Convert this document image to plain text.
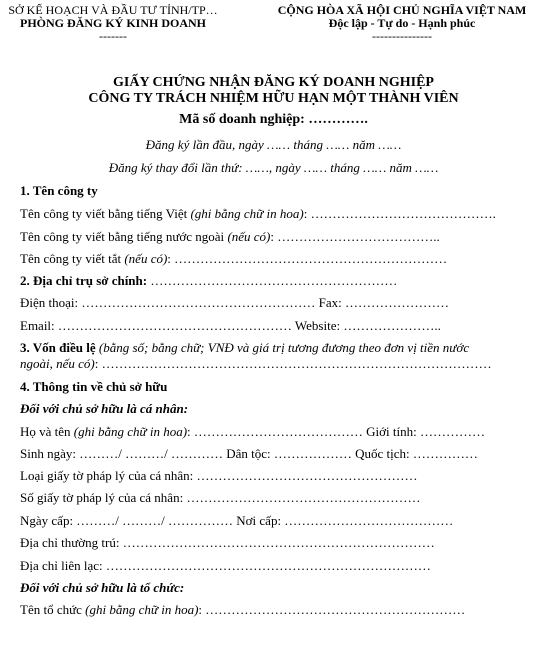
SỞ KẾ HOẠCH VÀ ĐẦU TƯ TỈNH/TP…
PHÒNG ĐĂNG KÝ KINH DOANH
-------
CỘNG HÒA XÃ HỘI CHỦ NGHĨA VIỆT NAM
Độc lập - Tự do - Hạnh phúc
---------------
GIẤY CHỨNG NHẬN ĐĂNG KÝ DOANH NGHIỆP
CÔNG TY TRÁCH NHIỆM HỮU HẠN MỘT THÀNH VIÊN
Mã số doanh nghiệp: ………….
Đăng ký lần đầu, ngày …… tháng …… năm ……
Đăng ký thay đổi lần thứ: ……, ngày …… tháng …… năm ……
1. Tên công ty
Tên công ty viết bằng tiếng Việt (ghi bằng chữ in hoa): …………………………………….
Tên công ty viết bằng tiếng nước ngoài (nếu có): ………………………………..
Tên công ty viết tắt (nếu có): ………………………………………………………
2. Địa chỉ trụ sở chính: …………………………………………………
Điện thoại: ……………………………………………… Fax: ……………………
Email: ……………………………………………… Website: …………………..
3. Vốn điều lệ (bằng số; bằng chữ; VNĐ và giá trị tương đương theo đơn vị tiền nước
ngoài, nếu có): ………………………………………………………………………………
4. Thông tin về chủ sở hữu
Đối với chủ sở hữu là cá nhân:
Họ và tên (ghi bằng chữ in hoa): ………………………………… Giới tính: ……………
Sinh ngày: ………/ ………/ ………… Dân tộc: ……………… Quốc tịch: ……………
Loại giấy tờ pháp lý của cá nhân: ……………………………………………
Số giấy tờ pháp lý của cá nhân: ………………………………………………
Ngày cấp: ………/ ………/ …………… Nơi cấp: …………………………………
Địa chỉ thường trú: ………………………………………………………………
Địa chỉ liên lạc: …………………………………………………………………
Đối với chủ sở hữu là tổ chức:
Tên tổ chức (ghi bằng chữ in hoa): ……………………………………………………
